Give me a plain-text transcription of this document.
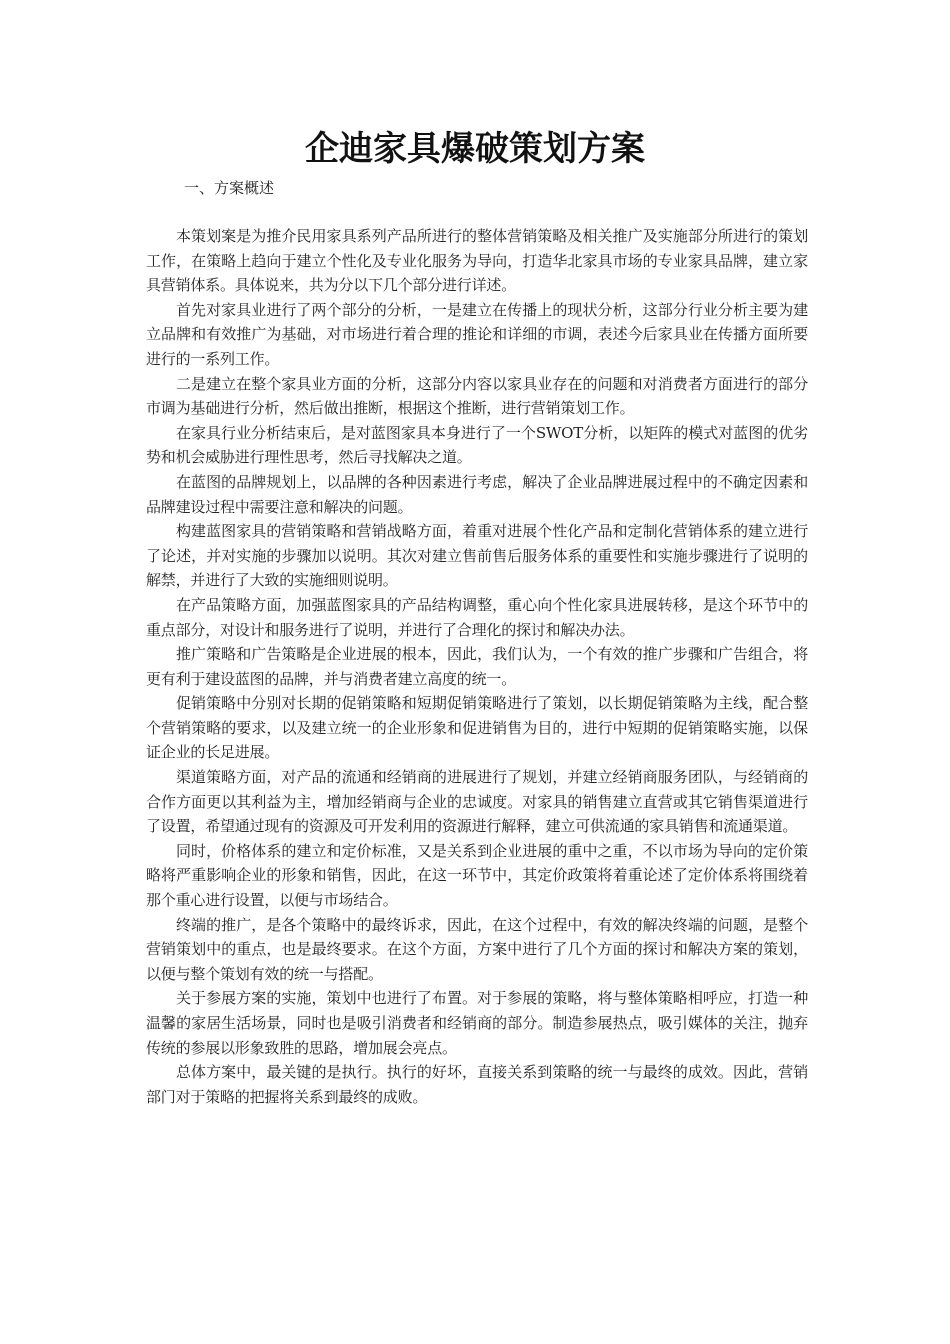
企迪家具爆破策划方案
一、方案概述

本策划案是为推介民用家具系列产品所进行的整体营销策略及相关推广及实施部分所进行的策划工作，在策略上趋向于建立个性化及专业化服务为导向，打造华北家具市场的专业家具品牌，建立家具营销体系。具体说来，共为分以下几个部分进行详述。

首先对家具业进行了两个部分的分析，一是建立在传播上的现状分析，这部分行业分析主要为建立品牌和有效推广为基础，对市场进行着合理的推论和详细的市调，表述今后家具业在传播方面所要进行的一系列工作。

二是建立在整个家具业方面的分析，这部分内容以家具业存在的问题和对消费者方面进行的部分市调为基础进行分析，然后做出推断，根据这个推断，进行营销策划工作。

在家具行业分析结束后，是对蓝图家具本身进行了一个SWOT分析，以矩阵的模式对蓝图的优劣势和机会威胁进行理性思考，然后寻找解决之道。

在蓝图的品牌规划上，以品牌的各种因素进行考虑，解决了企业品牌进展过程中的不确定因素和品牌建设过程中需要注意和解决的问题。

构建蓝图家具的营销策略和营销战略方面，着重对进展个性化产品和定制化营销体系的建立进行了论述，并对实施的步骤加以说明。其次对建立售前售后服务体系的重要性和实施步骤进行了说明的解禁，并进行了大致的实施细则说明。

在产品策略方面，加强蓝图家具的产品结构调整，重心向个性化家具进展转移，是这个环节中的重点部分，对设计和服务进行了说明，并进行了合理化的探讨和解决办法。

推广策略和广告策略是企业进展的根本，因此，我们认为，一个有效的推广步骤和广告组合，将更有利于建设蓝图的品牌，并与消费者建立高度的统一。

促销策略中分别对长期的促销策略和短期促销策略进行了策划，以长期促销策略为主线，配合整个营销策略的要求，以及建立统一的企业形象和促进销售为目的，进行中短期的促销策略实施，以保证企业的长足进展。

渠道策略方面，对产品的流通和经销商的进展进行了规划，并建立经销商服务团队，与经销商的合作方面更以其利益为主，增加经销商与企业的忠诚度。对家具的销售建立直营或其它销售渠道进行了设置，希望通过现有的资源及可开发利用的资源进行解释，建立可供流通的家具销售和流通渠道。

同时，价格体系的建立和定价标准，又是关系到企业进展的重中之重，不以市场为导向的定价策略将严重影响企业的形象和销售，因此，在这一环节中，其定价政策将着重论述了定价体系将围绕着那个重心进行设置，以便与市场结合。

终端的推广，是各个策略中的最终诉求，因此，在这个过程中，有效的解决终端的问题，是整个营销策划中的重点，也是最终要求。在这个方面，方案中进行了几个方面的探讨和解决方案的策划，以便与整个策划有效的统一与搭配。

关于参展方案的实施，策划中也进行了布置。对于参展的策略，将与整体策略相呼应，打造一种温馨的家居生活场景，同时也是吸引消费者和经销商的部分。制造参展热点，吸引媒体的关注，抛弃传统的参展以形象致胜的思路，增加展会亮点。

总体方案中，最关键的是执行。执行的好坏，直接关系到策略的统一与最终的成效。因此，营销部门对于策略的把握将关系到最终的成败。
